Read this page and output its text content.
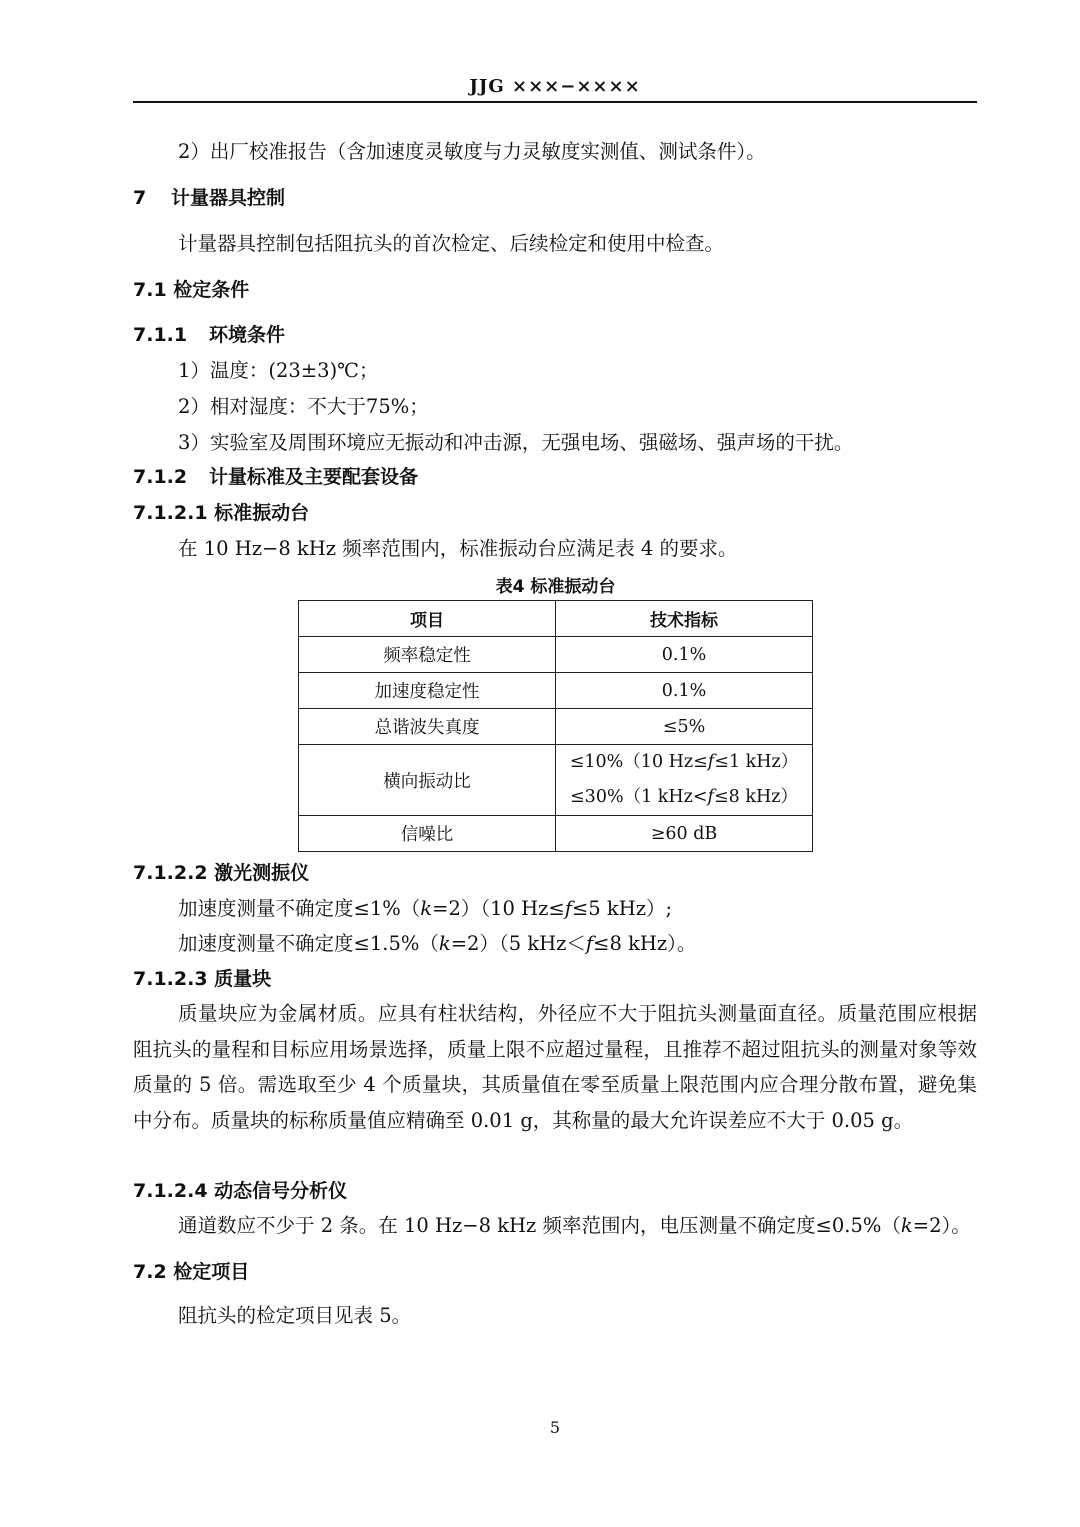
JJG ×××−××××
2）出厂校准报告（含加速度灵敏度与力灵敏度实测值、测试条件）。
7 计量器具控制
计量器具控制包括阻抗头的首次检定、后续检定和使用中检查。
7.1 检定条件
7.1.1 环境条件
1）温度：(23±3)℃；
2）相对湿度：不大于75%；
3）实验室及周围环境应无振动和冲击源，无强电场、强磁场、强声场的干扰。
7.1.2 计量标准及主要配套设备
7.1.2.1 标准振动台
在 10 Hz−8 kHz 频率范围内，标准振动台应满足表 4 的要求。
表4 标准振动台
项目	技术指标
频率稳定性	0.1%
加速度稳定性	0.1%
总谐波失真度	≤5%
横向振动比	≤10%（10 Hz≤f≤1 kHz）
≤30%（1 kHz<f≤8 kHz）

信噪比	≥60 dB
7.1.2.2 激光测振仪
加速度测量不确定度≤1%（k=2）（10 Hz≤f≤5 kHz）;
加速度测量不确定度≤1.5%（k=2）（5 kHz＜f≤8 kHz）。
7.1.2.3 质量块
质量块应为金属材质。应具有柱状结构，外径应不大于阻抗头测量面直径。质量范围应根据阻抗头的量程和目标应用场景选择，质量上限不应超过量程，且推荐不超过阻抗头的测量对象等效质量的 5 倍。需选取至少 4 个质量块，其质量值在零至质量上限范围内应合理分散布置，避免集中分布。质量块的标称质量值应精确至 0.01 g，其称量的最大允许误差应不大于 0.05 g。
7.1.2.4 动态信号分析仪
通道数应不少于 2 条。在 10 Hz−8 kHz 频率范围内，电压测量不确定度≤0.5%（k=2）。
7.2 检定项目
阻抗头的检定项目见表 5。
5
